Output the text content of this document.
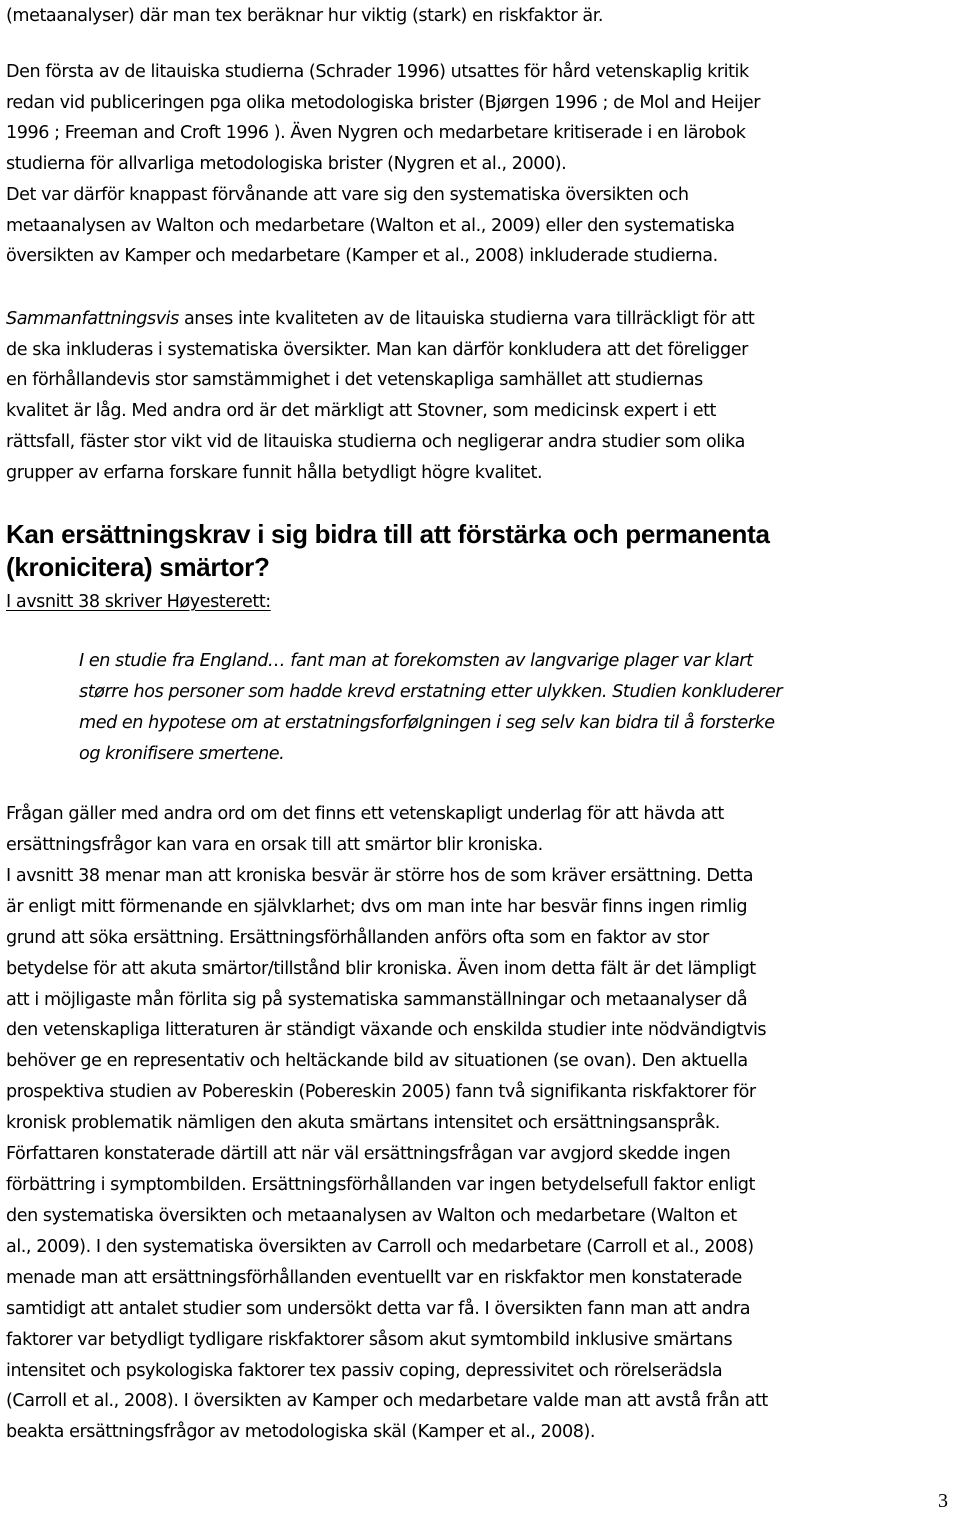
(metaanalyser) där man tex beräknar hur viktig (stark) en riskfaktor är.
Den första av de litauiska studierna (Schrader 1996) utsattes för hård vetenskaplig kritik
redan vid publiceringen pga olika metodologiska brister (Bjørgen 1996 ; de Mol and Heijer
1996 ; Freeman and Croft 1996 ). Även Nygren och medarbetare kritiserade i en lärobok
studierna för allvarliga metodologiska brister (Nygren et al., 2000).
Det var därför knappast förvånande att vare sig den systematiska översikten och
metaanalysen av Walton och medarbetare (Walton et al., 2009) eller den systematiska
översikten av Kamper och medarbetare (Kamper et al., 2008) inkluderade studierna.
Sammanfattningsvis anses inte kvaliteten av de litauiska studierna vara tillräckligt för att
de ska inkluderas i systematiska översikter. Man kan därför konkludera att det föreligger
en förhållandevis stor samstämmighet i det vetenskapliga samhället att studiernas
kvalitet är låg. Med andra ord är det märkligt att Stovner, som medicinsk expert i ett
rättsfall, fäster stor vikt vid de litauiska studierna och negligerar andra studier som olika
grupper av erfarna forskare funnit hålla betydligt högre kvalitet.
Kan ersättningskrav i sig bidra till att förstärka och permanenta
(kronicitera) smärtor?
I avsnitt 38 skriver Høyesterett:
I en studie fra England… fant man at forekomsten av langvarige plager var klart
større hos personer som hadde krevd erstatning etter ulykken. Studien konkluderer
med en hypotese om at erstatningsforfølgningen i seg selv kan bidra til å forsterke
og kronifisere smertene.
Frågan gäller med andra ord om det finns ett vetenskapligt underlag för att hävda att
ersättningsfrågor kan vara en orsak till att smärtor blir kroniska.
I avsnitt 38 menar man att kroniska besvär är större hos de som kräver ersättning. Detta
är enligt mitt förmenande en självklarhet; dvs om man inte har besvär finns ingen rimlig
grund att söka ersättning. Ersättningsförhållanden anförs ofta som en faktor av stor
betydelse för att akuta smärtor/tillstånd blir kroniska. Även inom detta fält är det lämpligt
att i möjligaste mån förlita sig på systematiska sammanställningar och metaanalyser då
den vetenskapliga litteraturen är ständigt växande och enskilda studier inte nödvändigtvis
behöver ge en representativ och heltäckande bild av situationen (se ovan). Den aktuella
prospektiva studien av Pobereskin (Pobereskin 2005) fann två signifikanta riskfaktorer för
kronisk problematik nämligen den akuta smärtans intensitet och ersättningsanspråk.
Författaren konstaterade därtill att när väl ersättningsfrågan var avgjord skedde ingen
förbättring i symptombilden. Ersättningsförhållanden var ingen betydelsefull faktor enligt
den systematiska översikten och metaanalysen av Walton och medarbetare (Walton et
al., 2009). I den systematiska översikten av Carroll och medarbetare (Carroll et al., 2008)
menade man att ersättningsförhållanden eventuellt var en riskfaktor men konstaterade
samtidigt att antalet studier som undersökt detta var få. I översikten fann man att andra
faktorer var betydligt tydligare riskfaktorer såsom akut symtombild inklusive smärtans
intensitet och psykologiska faktorer tex passiv coping, depressivitet och rörelserädsla
(Carroll et al., 2008). I översikten av Kamper och medarbetare valde man att avstå från att
beakta ersättningsfrågor av metodologiska skäl (Kamper et al., 2008).
3
